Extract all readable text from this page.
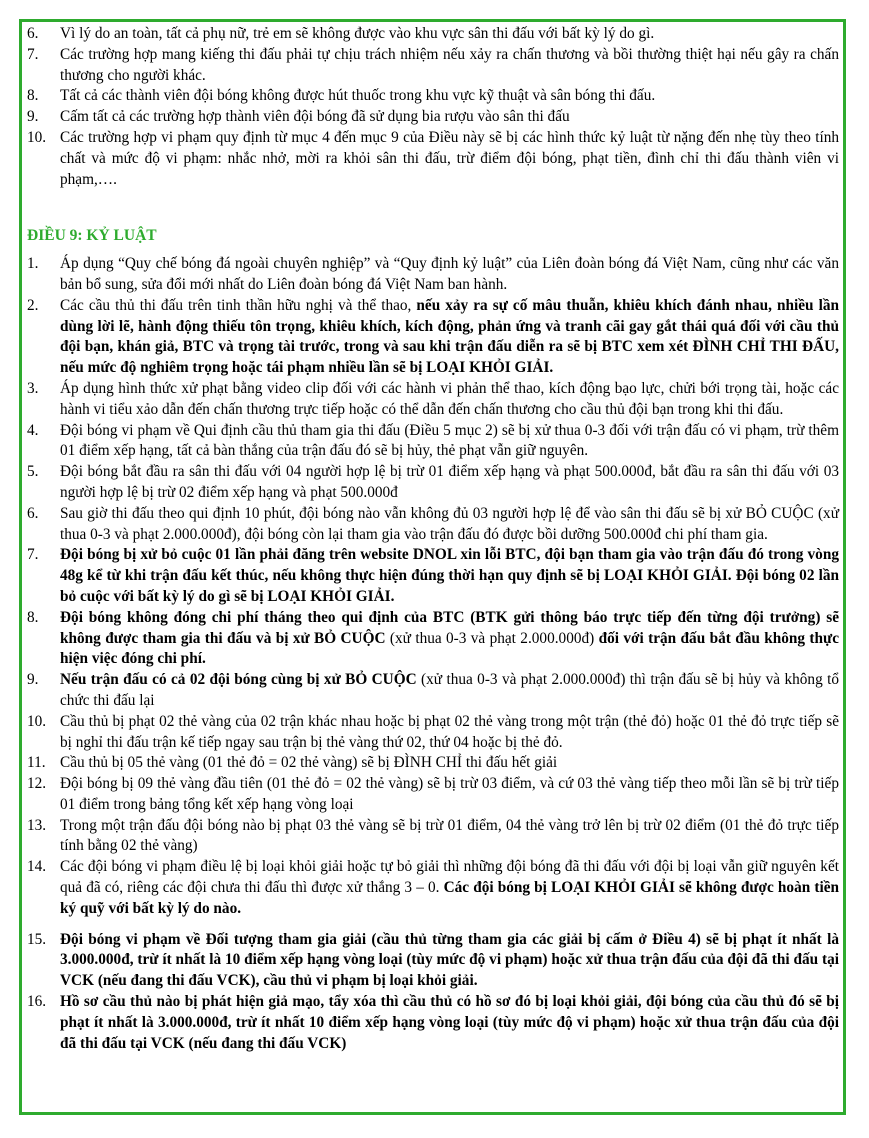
6. Vì lý do an toàn, tất cả phụ nữ, trẻ em sẽ không được vào khu vực sân thi đấu với bất kỳ lý do gì.
7. Các trường hợp mang kiếng thi đấu phải tự chịu trách nhiệm nếu xảy ra chấn thương và bồi thường thiệt hại nếu gây ra chấn thương cho người khác.
8. Tất cả các thành viên đội bóng không được hút thuốc trong khu vực kỹ thuật và sân bóng thi đấu.
9. Cấm tất cả các trường hợp thành viên đội bóng đã sử dụng bia rượu vào sân thi đấu
10. Các trường hợp vi phạm quy định từ mục 4 đến mục 9 của Điều này sẽ bị các hình thức kỷ luật từ nặng đến nhẹ tùy theo tính chất và mức độ vi phạm: nhắc nhở, mời ra khỏi sân thi đấu, trừ điểm đội bóng, phạt tiền, đình chỉ thi đấu thành viên vi phạm,….
ĐIỀU 9: KỶ LUẬT
1. Áp dụng “Quy chế bóng đá ngoài chuyên nghiệp” và “Quy định kỷ luật” của Liên đoàn bóng đá Việt Nam, cũng như các văn bản bổ sung, sửa đổi mới nhất do Liên đoàn bóng đá Việt Nam ban hành.
2. Các cầu thủ thi đấu trên tinh thần hữu nghị và thể thao, nếu xảy ra sự cố mâu thuẫn, khiêu khích đánh nhau, nhiều lần dùng lời lẽ, hành động thiếu tôn trọng, khiêu khích, kích động, phản ứng và tranh cãi gay gắt thái quá đối với cầu thủ đội bạn, khán giả, BTC và trọng tài trước, trong và sau khi trận đấu diễn ra sẽ bị BTC xem xét ĐÌNH CHỈ THI ĐẤU, nếu mức độ nghiêm trọng hoặc tái phạm nhiều lần sẽ bị LOẠI KHỎI GIẢI.
3. Áp dụng hình thức xử phạt bằng video clip đối với các hành vi phản thể thao, kích động bạo lực, chửi bới trọng tài, hoặc các hành vi tiểu xảo dẫn đến chấn thương trực tiếp hoặc có thể dẫn đến chấn thương cho cầu thủ đội bạn trong khi thi đấu.
4. Đội bóng vi phạm về Qui định cầu thủ tham gia thi đấu (Điều 5 mục 2) sẽ bị xử thua 0-3 đối với trận đấu có vi phạm, trừ thêm 01 điểm xếp hạng, tất cả bàn thắng của trận đấu đó sẽ bị hủy, thẻ phạt vẫn giữ nguyên.
5. Đội bóng bắt đầu ra sân thi đấu với 04 người hợp lệ bị trừ 01 điểm xếp hạng và phạt 500.000đ, bắt đầu ra sân thi đấu với 03 người hợp lệ bị trừ 02 điểm xếp hạng và phạt 500.000đ
6. Sau giờ thi đấu theo qui định 10 phút, đội bóng nào vẫn không đủ 03 người hợp lệ để vào sân thi đấu sẽ bị xử BỎ CUỘC (xử thua 0-3 và phạt 2.000.000đ), đội bóng còn lại tham gia vào trận đấu đó được bồi dưỡng 500.000đ chi phí tham gia.
7. Đội bóng bị xử bỏ cuộc 01 lần phải đăng trên website DNOL xin lỗi BTC, đội bạn tham gia vào trận đấu đó trong vòng 48g kể từ khi trận đấu kết thúc, nếu không thực hiện đúng thời hạn quy định sẽ bị LOẠI KHỎI GIẢI. Đội bóng 02 lần bỏ cuộc với bất kỳ lý do gì sẽ bị LOẠI KHỎI GIẢI.
8. Đội bóng không đóng chi phí tháng theo qui định của BTC (BTK gửi thông báo trực tiếp đến từng đội trưởng) sẽ không được tham gia thi đấu và bị xử BỎ CUỘC (xử thua 0-3 và phạt 2.000.000đ) đối với trận đấu bắt đầu không thực hiện việc đóng chi phí.
9. Nếu trận đấu có cả 02 đội bóng cùng bị xử BỎ CUỘC (xử thua 0-3 và phạt 2.000.000đ) thì trận đấu sẽ bị hủy và không tổ chức thi đấu lại
10. Cầu thủ bị phạt 02 thẻ vàng của 02 trận khác nhau hoặc bị phạt 02 thẻ vàng trong một trận (thẻ đỏ) hoặc 01 thẻ đỏ trực tiếp sẽ bị nghỉ thi đấu trận kế tiếp ngay sau trận bị thẻ vàng thứ 02, thứ 04 hoặc bị thẻ đỏ.
11. Cầu thủ bị 05 thẻ vàng (01 thẻ đỏ = 02 thẻ vàng) sẽ bị ĐÌNH CHỈ thi đấu hết giải
12. Đội bóng bị 09 thẻ vàng đầu tiên (01 thẻ đỏ = 02 thẻ vàng) sẽ bị trừ 03 điểm, và cứ 03 thẻ vàng tiếp theo mỗi lần sẽ bị trừ tiếp 01 điểm trong bảng tổng kết xếp hạng vòng loại
13. Trong một trận đấu đội bóng nào bị phạt 03 thẻ vàng sẽ bị trừ 01 điểm, 04 thẻ vàng trở lên bị trừ 02 điểm (01 thẻ đỏ trực tiếp tính bằng 02 thẻ vàng)
14. Các đội bóng vi phạm điều lệ bị loại khỏi giải hoặc tự bỏ giải thì những đội bóng đã thi đấu với đội bị loại vẫn giữ nguyên kết quả đã có, riêng các đội chưa thi đấu thì được xử thắng 3 – 0. Các đội bóng bị LOẠI KHỎI GIẢI sẽ không được hoàn tiền ký quỹ với bất kỳ lý do nào.
15. Đội bóng vi phạm về Đối tượng tham gia giải (cầu thủ từng tham gia các giải bị cấm ở Điều 4) sẽ bị phạt ít nhất là 3.000.000đ, trừ ít nhất là 10 điểm xếp hạng vòng loại (tùy mức độ vi phạm) hoặc xử thua trận đấu của đội đã thi đấu tại VCK (nếu đang thi đấu VCK), cầu thủ vi phạm bị loại khỏi giải.
16. Hồ sơ cầu thủ nào bị phát hiện giả mạo, tẩy xóa thì cầu thủ có hồ sơ đó bị loại khỏi giải, đội bóng của cầu thủ đó sẽ bị phạt ít nhất là 3.000.000đ, trừ ít nhất 10 điểm xếp hạng vòng loại (tùy mức độ vi phạm) hoặc xử thua trận đấu của đội đã thi đấu tại VCK (nếu đang thi đấu VCK)
